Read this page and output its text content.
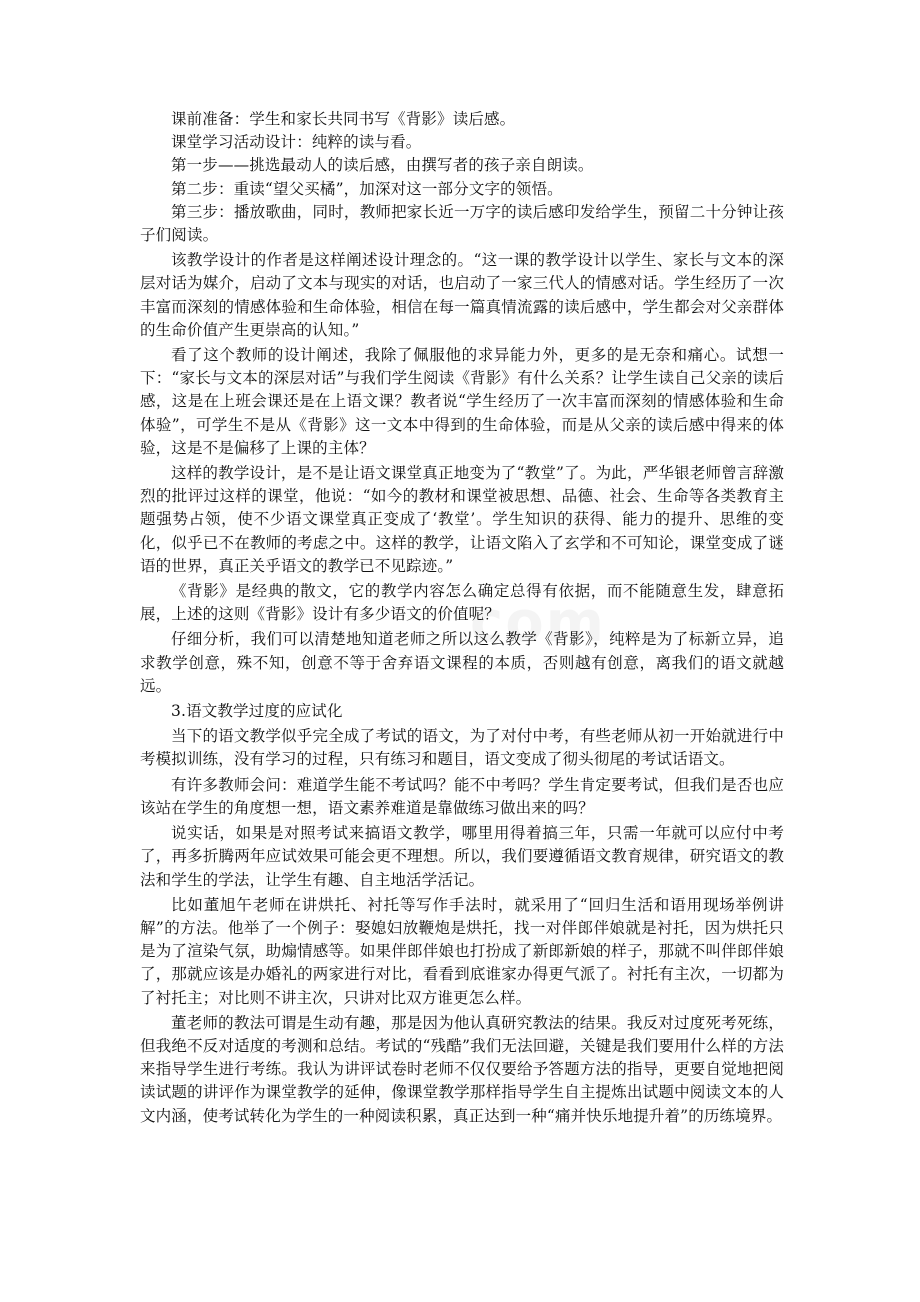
课前准备：学生和家长共同书写《背影》读后感。

课堂学习活动设计：纯粹的读与看。

第一步——挑选最动人的读后感，由撰写者的孩子亲自朗读。

第二步：重读“望父买橘”，加深对这一部分文字的领悟。

第三步：播放歌曲，同时，教师把家长近一万字的读后感印发给学生，预留二十分钟让孩子们阅读。

该教学设计的作者是这样阐述设计理念的。“这一课的教学设计以学生、家长与文本的深层对话为媒介，启动了文本与现实的对话，也启动了一家三代人的情感对话。学生经历了一次丰富而深刻的情感体验和生命体验，相信在每一篇真情流露的读后感中，学生都会对父亲群体的生命价值产生更崇高的认知。”

看了这个教师的设计阐述，我除了佩服他的求异能力外，更多的是无奈和痛心。试想一下：“家长与文本的深层对话”与我们学生阅读《背影》有什么关系？让学生读自己父亲的读后感，这是在上班会课还是在上语文课？教者说“学生经历了一次丰富而深刻的情感体验和生命体验”，可学生不是从《背影》这一文本中得到的生命体验，而是从父亲的读后感中得来的体验，这是不是偏移了上课的主体？

这样的教学设计，是不是让语文课堂真正地变为了“教堂”了。为此，严华银老师曾言辞激烈的批评过这样的课堂，他说：“如今的教材和课堂被思想、品德、社会、生命等各类教育主题强势占领，使不少语文课堂真正变成了‘教堂’。学生知识的获得、能力的提升、思维的变化，似乎已不在教师的考虑之中。这样的教学，让语文陷入了玄学和不可知论，课堂变成了谜语的世界，真正关乎语文的教学已不见踪迹。”

《背影》是经典的散文，它的教学内容怎么确定总得有依据，而不能随意生发，肆意拓展，上述的这则《背影》设计有多少语文的价值呢？

仔细分析，我们可以清楚地知道老师之所以这么教学《背影》，纯粹是为了标新立异，追求教学创意，殊不知，创意不等于舍弃语文课程的本质，否则越有创意，离我们的语文就越远。

3.语文教学过度的应试化

当下的语文教学似乎完全成了考试的语文，为了对付中考，有些老师从初一开始就进行中考模拟训练，没有学习的过程，只有练习和题目，语文变成了彻头彻尾的考试话语文。

有许多教师会问：难道学生能不考试吗？能不中考吗？学生肯定要考试，但我们是否也应该站在学生的角度想一想，语文素养难道是靠做练习做出来的吗？

说实话，如果是对照考试来搞语文教学，哪里用得着搞三年，只需一年就可以应付中考了，再多折腾两年应试效果可能会更不理想。所以，我们要遵循语文教育规律，研究语文的教法和学生的学法，让学生有趣、自主地活学活记。

比如董旭午老师在讲烘托、衬托等写作手法时，就采用了“回归生活和语用现场举例讲解”的方法。他举了一个例子：娶媳妇放鞭炮是烘托，找一对伴郎伴娘就是衬托，因为烘托只是为了渲染气氛，助煽情感等。如果伴郎伴娘也打扮成了新郎新娘的样子，那就不叫伴郎伴娘了，那就应该是办婚礼的两家进行对比，看看到底谁家办得更气派了。衬托有主次，一切都为了衬托主；对比则不讲主次，只讲对比双方谁更怎么样。

董老师的教法可谓是生动有趣，那是因为他认真研究教法的结果。我反对过度死考死练，但我绝不反对适度的考测和总结。考试的“残酷”我们无法回避，关键是我们要用什么样的方法来指导学生进行考练。我认为讲评试卷时老师不仅仅要给予答题方法的指导，更要自觉地把阅读试题的讲评作为课堂教学的延伸，像课堂教学那样指导学生自主提炼出试题中阅读文本的人文内涵，使考试转化为学生的一种阅读积累，真正达到一种“痛并快乐地提升着”的历练境界。
